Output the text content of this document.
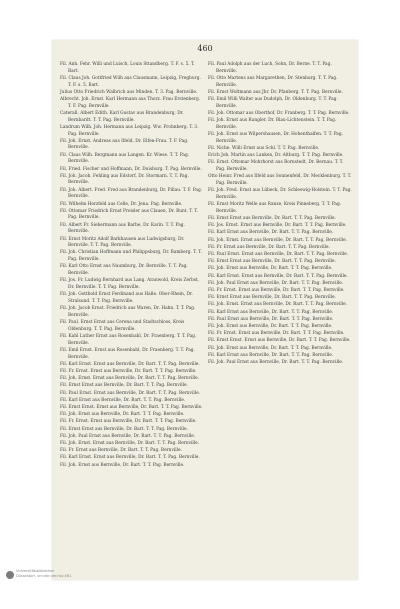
460
Fil. Anh. Fehr. Willi und Luisch, Louis Sttandberg. T. F. s. 5. T. Bart.
Fil. Claus Joh. Gottfried Wilh aus Clausmann, Leipzig, Fregburg. T. F. s. 5. Bart.
Julius Otto Friedrich Walbrich aus Minden. T. 3. Pag. Bernville.
Albrecht. Joh. Ernst. Karl Hermann aus Thorz. Frau Erstenberg. T. F. Pag. Bernville.
Caterall. Albert Edith. Karl Gustav aus Brandenburg, Dr. Bernbardt. T. T. Pag. Bernville.
Landrum Wilh. Joh. Hermann aus Leipzig. Ww. Frohnberg. T. 3. Pag. Bernville.
Fil. Joh. Ernst. Andreas aus Ilfeld, Dr. Elfen-Frau. T. F. Pag. Bernville.
Fil. Claus Wilh. Bergmann aus Langen. Kr. Wiese. T. T. Pag. Bernville.
Fil. Fried. Fischer und Hoffmann, Dr. Duisburg. T. Pag. Bernville.
Fil. Joh. Jacob. Fehling aus Edstorf, Dr. Stormarn. T. T. Pag. Bernville.
Fil. Joh. Albert. Fred. Fred aus Brandenburg, Dr. Pillau. T. F. Pag. Bernville.
Fil. Wilhelm Herzfeld aus Celle, Dr. Jena. Pag. Bernville.
Fil. Ottomar Friedrich Ernst Preisler aus Clauen, Dr. Bunt. T. T. Pag. Bernville.
Fil. Albert Fr. Siebermann aus Barbe, Dr. Karin. T. T. Pag. Bernville.
Fil. Ernst Moritz Adolf Barkhausen aus Ludwigsburg, Dr. Bernville. T. T. Pag. Bernville.
Fil. Joh. Christian Hoffmann und Philippsburg, Dr. Bamberg. T. T. Pag. Bernville.
Fil. Karl Otto Ernst aus Naumburg, Dr. Bernville. T. T. Pag. Bernville.
Fil. Jos. Fr. Ludwig Bernhard aus Lang. Aranwold, Kreis Zerbst, Dr. Bernville. T. T. Pag. Bernville.
Fil. Joh. Gotthold Ernst Ferdinand aus Halle. Ober-Rhein, Dr. Stralsund. T. T. Pag. Bernville.
Fil. Joh. Jacob Ernst. Friedrich aus Waren, Dr. Hahn. T. T. Pag. Bernville.
Fil. Paul. Ernst Ernst aus Cerena und Stadtschloss, Kreis Oldenburg. T. T. Pag. Bernville.
Fil. Kahl Luther Ernst aus Rosenbahl, Dr. Fraenberg. T. T. Pag. Bernville.
Fil. Emil Ernst. Ernst aus Rosenbahl, Dr. Fraenberg. T. T. Pag. Bernville.
Fil. Karl Ernst. Ernst aus Bernville, Dr. Bart. T. T. Pag. Bernville.
Fil. Fr. Ernst. Ernst aus Bernville, Dr. Bart. T. T. Pag. Bernville.
Fil. Joh. Ernst. Ernst aus Bernville, Dr. Bart. T. T. Pag. Bernville.
Fil. Ernst Ernst aus Bernville, Dr. Bart. T. T. Pag. Bernville.
Fil. Paul Ernst. Ernst aus Bernville, Dr. Bart. T. T. Pag. Bernville.
Fil. Karl Ernst aus Bernville, Dr. Bart. T. T. Pag. Bernville.
Fil. Ernst Ernst. Ernst aus Bernville, Dr. Bart. T. T. Pag. Bernville.
Fil. Joh. Ernst aus Bernville, Dr. Bart. T. T. Pag. Bernville.
Fil. Fr. Ernst. Ernst aus Bernville, Dr. Bart. T. T. Pag. Bernville.
Fil. Ernst Ernst aus Bernville, Dr. Bart. T. T. Pag. Bernville.
Fil. Joh. Paul Ernst aus Bernville, Dr. Bart. T. T. Pag. Bernville.
Fil. Joh. Ernst. Ernst aus Bernville, Dr. Bart. T. T. Pag. Bernville.
Fil. Fr. Ernst aus Bernville, Dr. Bart. T. T. Pag. Bernville.
Fil. Karl Ernst. Ernst aus Bernville, Dr. Bart. T. T. Pag. Bernville.
Fil. Joh. Ernst aus Bernville, Dr. Bart. T. T. Pag. Bernville.
Fil. Paul Adolph aus der Luch, Sohn, Dr. Berne. T. T. Pag. Bernville.
Fil. Otto Martens aus Margarethen, Dr. Stenburg. T. T. Pag. Bernville.
Fil. Ernst Woltmann aus Jhr. Dr. Pfanberg. T. T. Pag. Bernville.
Fil. Emil Willi Walter aus Dudolph, Dr. Oldenburg. T. T. Pag. Bernville.
Fil. Joh. Ottomar aus Oberthof, Dr. Franberg. T. T. Pag. Bernville.
Fil. Joh. Ernst aus Rangler, Dr. Blau-Lichtenstein. T. T. Pag. Bernville.
Fil. Joh. Ernst aus Wilpershausen, Dr. Hohenthalfen. T. T. Pag. Bernville.
Fil. Niche. Willi Ernst aus Schl. T. T. Pag. Bernville.
Erich Joh. Martin aus Lanken, Dr. Altburg. T. T. Pag. Bernville.
Fil. Ernst. Ottomar Mohrhorst aus Bornstedt, Dr. Bernau. T. T. Pag. Bernville.
Otto Heinr. Fred aus Ilfeld aus Sonnenfeld, Dr. Mecklenburg. T. T. Pag. Bernville.
Fil. Joh. Fred. Ernst aus Lübeck, Dr. Schleswig-Holstein. T. T. Pag. Bernville.
Fil. Ernst Moritz Welle aus Ranze, Kreis Pinneberg. T. T. Pag. Bernville.
Fil. Ernst Ernst aus Bernville, Dr. Bart. T. T. Pag. Bernville.
Fil. Jos. Ernst. Ernst aus Bernville, Dr. Bart. T. T. Pag. Bernville.
Fil. Karl Ernst aus Bernville, Dr. Bart. T. T. Pag. Bernville.
Fil. Joh. Ernst. Ernst aus Bernville, Dr. Bart. T. T. Pag. Bernville.
Fil. Fr. Ernst aus Bernville, Dr. Bart. T. T. Pag. Bernville.
Fil. Paul Ernst. Ernst aus Bernville, Dr. Bart. T. T. Pag. Bernville.
Fil. Ernst Ernst aus Bernville, Dr. Bart. T. T. Pag. Bernville.
Fil. Joh. Ernst aus Bernville, Dr. Bart. T. T. Pag. Bernville.
Fil. Karl Ernst. Ernst aus Bernville, Dr. Bart. T. T. Pag. Bernville.
Fil. Joh. Paul Ernst aus Bernville, Dr. Bart. T. T. Pag. Bernville.
Fil. Fr. Ernst. Ernst aus Bernville, Dr. Bart. T. T. Pag. Bernville.
Fil. Ernst Ernst aus Bernville, Dr. Bart. T. T. Pag. Bernville.
Fil. Joh. Ernst. Ernst aus Bernville, Dr. Bart. T. T. Pag. Bernville.
Fil. Karl Ernst aus Bernville, Dr. Bart. T. T. Pag. Bernville.
Fil. Paul Ernst aus Bernville, Dr. Bart. T. T. Pag. Bernville.
Fil. Joh. Ernst aus Bernville, Dr. Bart. T. T. Pag. Bernville.
Fil. Fr. Ernst. Ernst aus Bernville, Dr. Bart. T. T. Pag. Bernville.
Fil. Ernst Ernst. Ernst aus Bernville, Dr. Bart. T. T. Pag. Bernville.
Fil. Joh. Ernst aus Bernville, Dr. Bart. T. T. Pag. Bernville.
Fil. Karl Ernst aus Bernville, Dr. Bart. T. T. Pag. Bernville.
Fil. Joh. Paul Ernst aus Bernville, Dr. Bart. T. T. Pag. Bernville.
Universitätsbibliothek
Düsseldorf, urn:nbn:de:hbz:061
